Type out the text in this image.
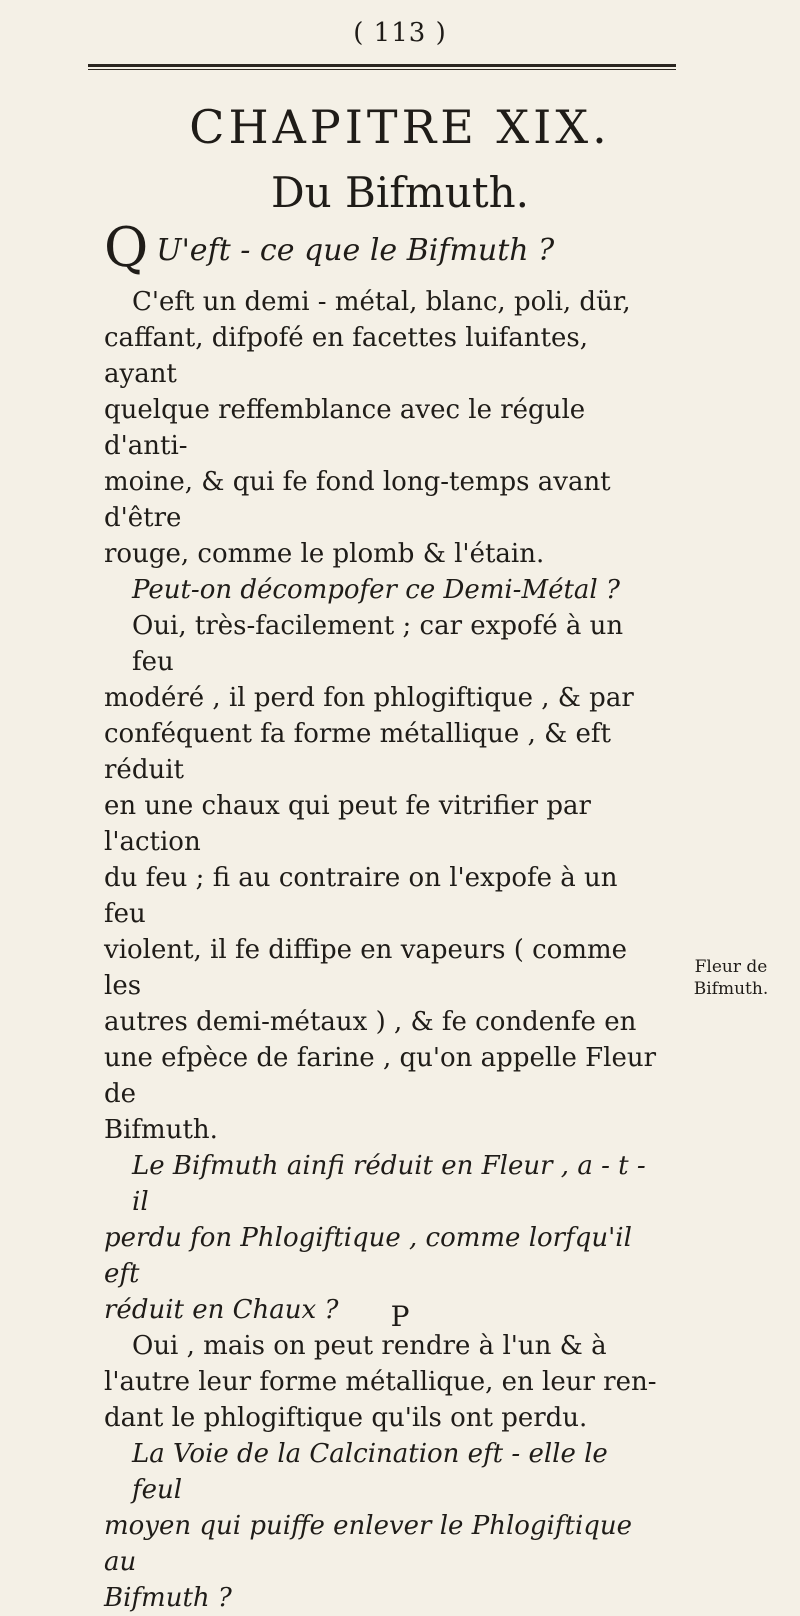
( 113 )
CHAPITRE XIX.
Du Bifmuth.
Q U'eft - ce que le Bifmuth ?
C'eft un demi - métal, blanc, poli, dür,
caffant, difpofé en facettes luifantes, ayant
quelque reffemblance avec le régule d'anti-
moine, & qui fe fond long-temps avant d'être
rouge, comme le plomb & l'étain.
Peut-on décompofer ce Demi-Métal ?
Oui, très-facilement ; car expofé à un feu
modéré , il perd fon phlogiftique , & par
conféquent fa forme métallique , & eft réduit
en une chaux qui peut fe vitrifier par l'action
du feu ; fi au contraire on l'expofe à un feu
violent, il fe diffipe en vapeurs ( comme les
autres demi-métaux ) , & fe condenfe en
une efpèce de farine , qu'on appelle Fleur de
Bifmuth.
Le Bifmuth ainfi réduit en Fleur , a - t - il
perdu fon Phlogiftique , comme lorfqu'il eft
réduit en Chaux ?
Oui , mais on peut rendre à l'un & à
l'autre leur forme métallique, en leur ren-
dant le phlogiftique qu'ils ont perdu.
La Voie de la Calcination eft - elle le feul
moyen qui puiffe enlever le Phlogiftique au
Bifmuth ?
Fleur de
Bifmuth.
P
